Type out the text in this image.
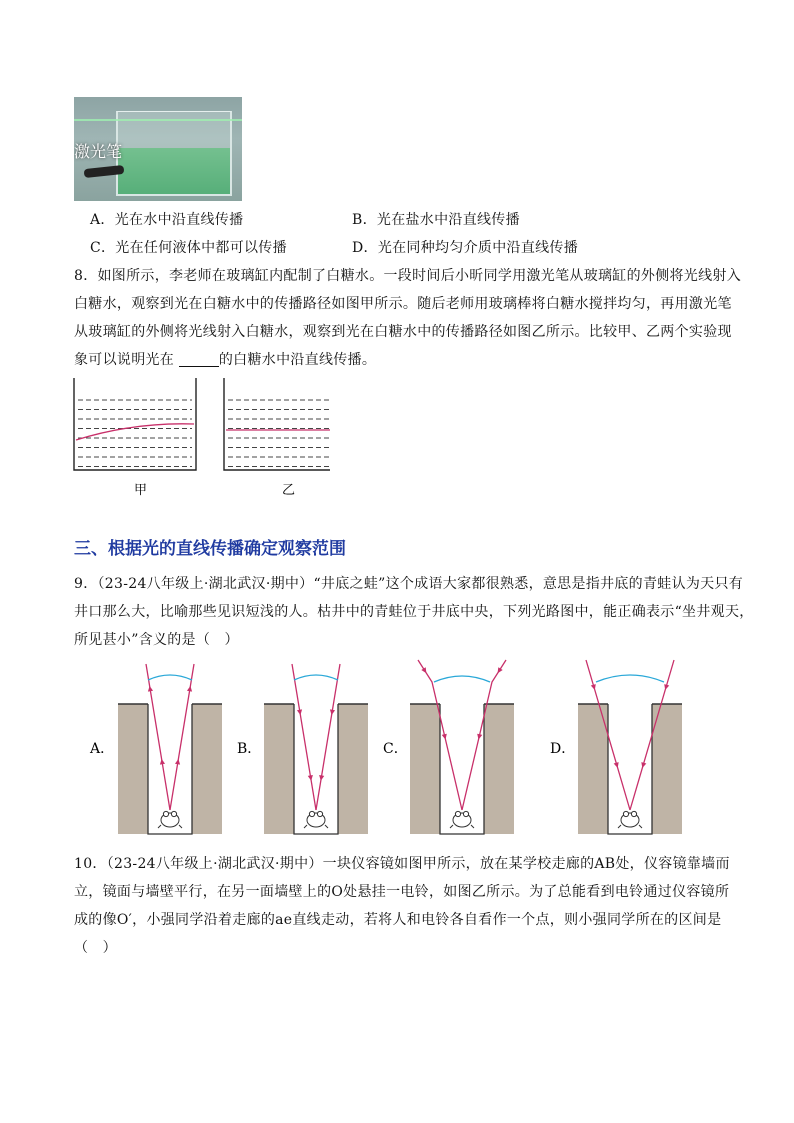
激光笔
A．光在水中沿直线传播	B．光在盐水中沿直线传播
C．光在任何液体中都可以传播	D．光在同种均匀介质中沿直线传播
8．如图所示，李老师在玻璃缸内配制了白糖水。一段时间后小昕同学用激光笔从玻璃缸的外侧将光线射入
白糖水，观察到光在白糖水中的传播路径如图甲所示。随后老师用玻璃棒将白糖水搅拌均匀，再用激光笔
从玻璃缸的外侧将光线射入白糖水，观察到光在白糖水中的传播路径如图乙所示。比较甲、乙两个实验现
象可以说明光在	的白糖水中沿直线传播。
甲	乙
三、根据光的直线传播确定观察范围
9．（23-24八年级上·湖北武汉·期中）“井底之蛙”这个成语大家都很熟悉，意思是指井底的青蛙认为天只有
井口那么大，比喻那些见识短浅的人。枯井中的青蛙位于井底中央，下列光路图中，能正确表示“坐井观天，
所见甚小”含义的是（　）
A．	B．	C．	D．
10．（23-24八年级上·湖北武汉·期中）一块仪容镜如图甲所示，放在某学校走廊的AB处，仪容镜靠墙而
立，镜面与墙壁平行，在另一面墙壁上的O处悬挂一电铃，如图乙所示。为了总能看到电铃通过仪容镜所
成的像O′，小强同学沿着走廊的ae直线走动，若将人和电铃各自看作一个点，则小强同学所在的区间是
（　）
